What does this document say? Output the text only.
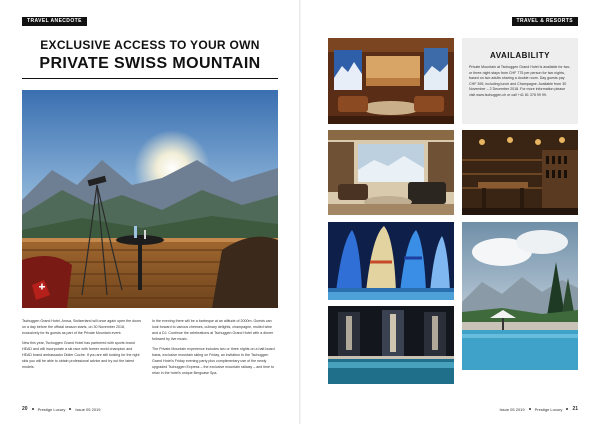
TRAVEL ANECDOTE
EXCLUSIVE ACCESS TO YOUR OWN
PRIVATE SWISS MOUNTAIN

Tschuggen Grand Hotel, Arosa, Switzerland will once again open the doors on a day before the official season starts, on 30 November 2018, exclusively for its guests as part of the Private Mountain event.

New this year, Tschuggen Grand Hotel has partnered with sports brand HEAD and will incorporate a ski race with former world champion and HEAD brand ambassador Didier Cuche. If you are still looking for the right skis you will be able to obtain professional advice and try out the latest models.

In the evening there will be a barbeque at an altitude of 2000m. Guests can look forward to various cheeses, culinary delights, champagne, mulled wine and a DJ. Continue the celebrations at Tschuggen Grand Hotel with a dinner followed by live music.

The Private Mountain experience includes two or three nights on a half-board basis, exclusive mountain skiing on Friday, an invitation to the Tschuggen Grand Hotel's Friday evening party plus complimentary use of the newly upgraded Tschuggen Express – the exclusive mountain railway – and time to relax in the hotel's unique Bergoase Spa.

20	Prestige Luxury	Issue 05 2019
TRAVEL & RESORTS
AVAILABILITY
Private Mountain at Tschuggen Grand Hotel is available for two- or three-night stays from CHF 775 per person for two nights, based on two adults sharing a double room. Day guests pay CHF 395, including lunch and Champagne. Available from 30 November – 2 December 2018. For more information please visit www.tschuggen.ch or call +41 81 378 99 99.
Issue 05 2019	Prestige Luxury 21
